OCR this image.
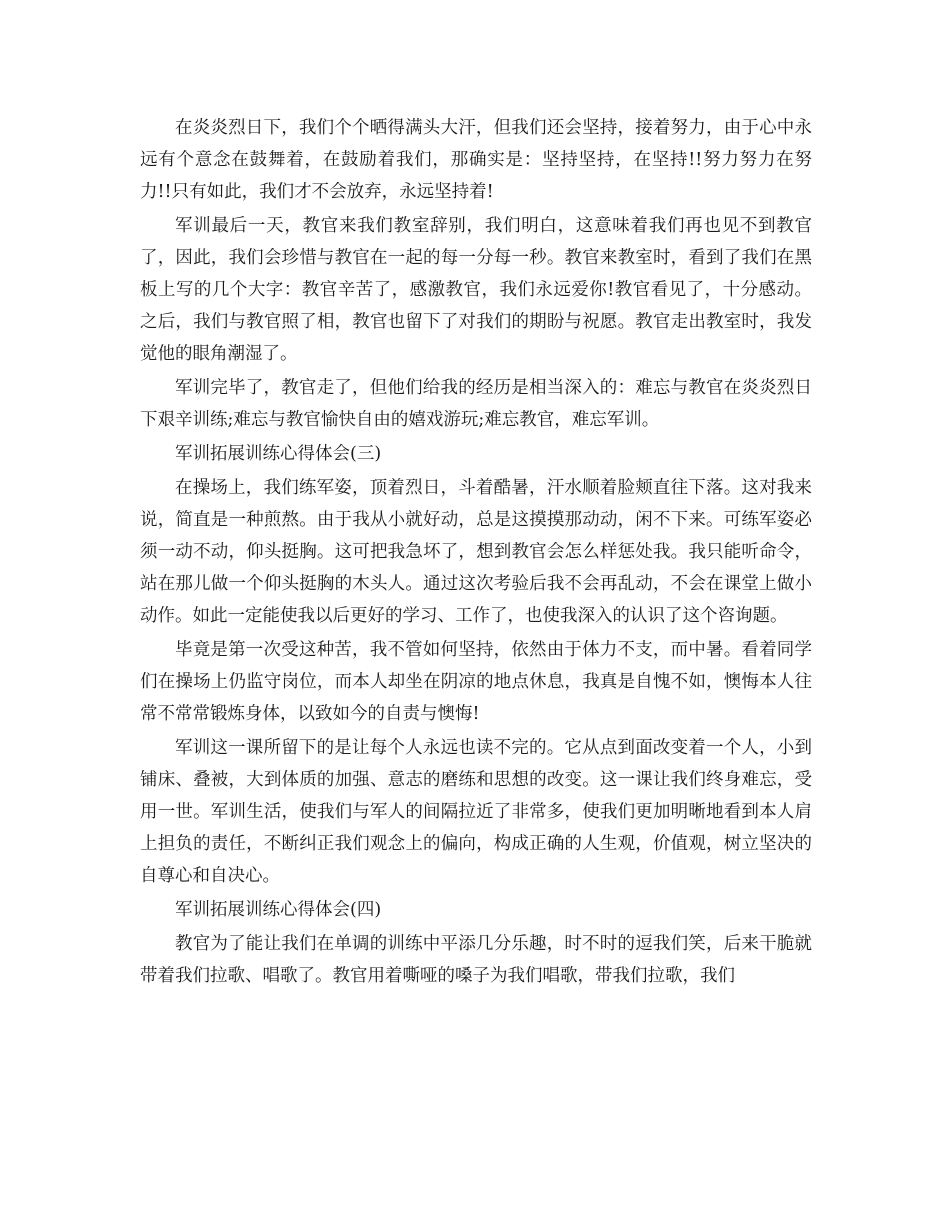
在炎炎烈日下，我们个个晒得满头大汗，但我们还会坚持，接着努力，由于心中永远有个意念在鼓舞着，在鼓励着我们，那确实是：坚持坚持，在坚持!!努力努力在努力!!只有如此，我们才不会放弃，永远坚持着!

军训最后一天，教官来我们教室辞别，我们明白，这意味着我们再也见不到教官了，因此，我们会珍惜与教官在一起的每一分每一秒。教官来教室时，看到了我们在黑板上写的几个大字：教官辛苦了，感激教官，我们永远爱你!教官看见了，十分感动。之后，我们与教官照了相，教官也留下了对我们的期盼与祝愿。教官走出教室时，我发觉他的眼角潮湿了。

军训完毕了，教官走了，但他们给我的经历是相当深入的：难忘与教官在炎炎烈日下艰辛训练;难忘与教官愉快自由的嬉戏游玩;难忘教官，难忘军训。

军训拓展训练心得体会(三)

在操场上，我们练军姿，顶着烈日，斗着酷暑，汗水顺着脸颊直往下落。这对我来说，简直是一种煎熬。由于我从小就好动，总是这摸摸那动动，闲不下来。可练军姿必须一动不动，仰头挺胸。这可把我急坏了，想到教官会怎么样惩处我。我只能听命令，站在那儿做一个仰头挺胸的木头人。通过这次考验后我不会再乱动，不会在课堂上做小动作。如此一定能使我以后更好的学习、工作了，也使我深入的认识了这个咨询题。

毕竟是第一次受这种苦，我不管如何坚持，依然由于体力不支，而中暑。看着同学们在操场上仍监守岗位，而本人却坐在阴凉的地点休息，我真是自愧不如，懊悔本人往常不常常锻炼身体，以致如今的自责与懊悔!

军训这一课所留下的是让每个人永远也读不完的。它从点到面改变着一个人，小到铺床、叠被，大到体质的加强、意志的磨练和思想的改变。这一课让我们终身难忘，受用一世。军训生活，使我们与军人的间隔拉近了非常多，使我们更加明晰地看到本人肩上担负的责任，不断纠正我们观念上的偏向，构成正确的人生观，价值观，树立坚决的自尊心和自决心。

军训拓展训练心得体会(四)

教官为了能让我们在单调的训练中平添几分乐趣，时不时的逗我们笑，后来干脆就带着我们拉歌、唱歌了。教官用着嘶哑的嗓子为我们唱歌，带我们拉歌，我们
